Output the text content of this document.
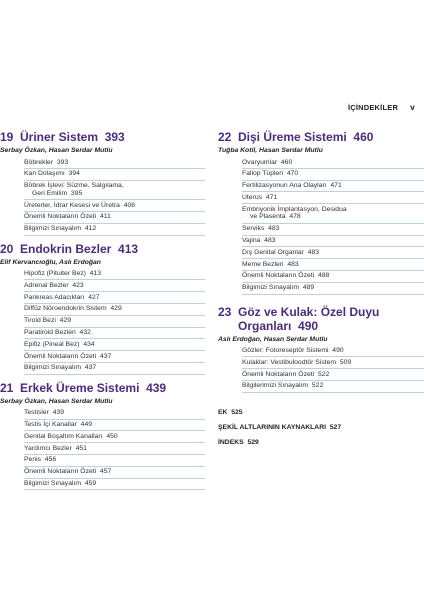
İÇİNDEKİLER v
19 Üriner Sistem 393
Serbay Özkan, Hasan Serdar Mutlu
Böbrekler 393
Kan Dolaşımı 394
Böbrek İşlevi: Süzme, Salgılama,
Geri Emilim 395
Üreterler, İdrar Kesesi ve Üretra 406
Önemli Noktaların Özeti 411
Bilgimizi Sınayalım 412
20 Endokrin Bezler 413
Elif Kervancıoğlu, Aslı Erdoğan
Hipofiz (Pituiter Bez) 413
Adrenal Bezler 423
Pankreas Adacıkları 427
Diffüz Nöroendokrin Sistem 429
Tiroid Bezi 429
Paratiroid Bezleri 432
Epifiz (Pineal Bez) 434
Önemli Noktaların Özeti 437
Bilgimizi Sınayalım 437
21 Erkek Üreme Sistemi 439
Serbay Özkan, Hasan Serdar Mutlu
Testisler 439
Testis İçi Kanallar 449
Genital Boşaltım Kanalları 450
Yardımcı Bezler 451
Penis 456
Önemli Noktaların Özeti 457
Bilgimizi Sınayalım 459
22 Dişi Üreme Sistemi 460
Tuğba Kotil, Hasan Serdar Mutlu
Ovaryumlar 460
Fallop Tüpleri 470
Fertilizasyonun Ana Olayları 471
Uterus 471
Embriyonik İmplantasyon, Desidua
ve Plasenta 478
Serviks 483
Vajina 483
Dış Genital Organlar 483
Meme Bezleri 483
Önemli Noktaların Özeti 488
Bilgimizi Sınayalım 489
23 Göz ve Kulak: Özel Duyu
Organları 490
Aslı Erdoğan, Hasan Serdar Mutlu
Gözler: Fotoreseptör Sistemi 490
Kulaklar: Vestibuloodtör Sistem 509
Önemli Noktaların Özeti 522
Bilgilerimizi Sınayalım 522
EK 525
ŞEKİL ALTLARININ KAYNAKLARI 527
İNDEKS 529
